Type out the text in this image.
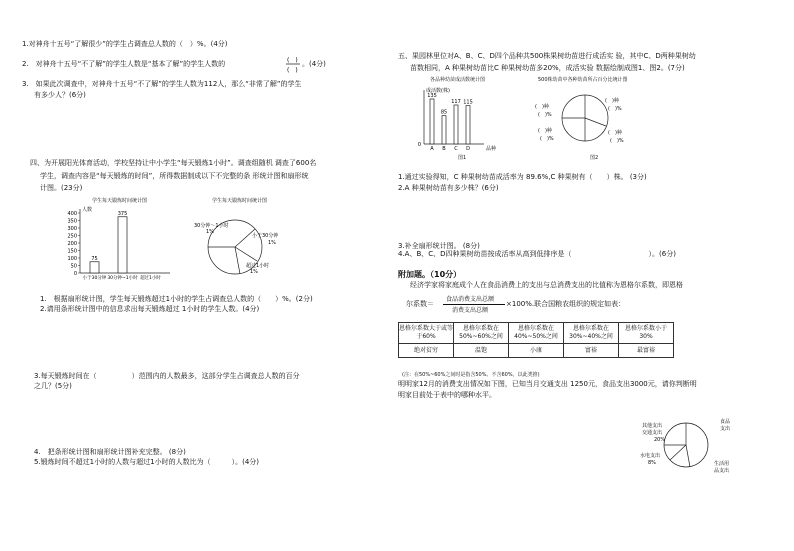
1.对神舟十五号“了解很少”的学生占调查总人数的（　）%。(4分)
2.　对神舟十五号“不了解”的学生人数是“基本了解”的学生人数的	(　)
(　)
。(4分)
3.　如果此次调查中，对神舟十五号“不了解”的学生人数为112人，那么“非常了解”的学生
有多少人？(6分)
四、为开展阳光体育活动，学校坚持让中小学生“每天锻炼1小时”。调查组随机 调查了600名
学生，调查内容是“每天锻炼的时间”，所得数据制成以下不完整的条 形统计图和扇形统
计图。(23分)
学生每天锻炼时间统计图
人数
0
50
100
150
200
250
300
350
400
75
小于30分钟
375
30分钟~1小时 超过1小时
学生每天锻炼时间统计图
30分钟～1小时
1%
小于30分钟
1%
超过1小时
1%
1.　根据扇形统计图，学生每天锻炼超过1小时的学生占调查总人数的（　　）%。(2分)
2.请用条形统计图中的信息求出每天锻炼超过 1小时的学生人数。(4分)
3.每天锻炼时间在（　　　　　）范围内的人数最多，这部分学生占调查总人数的百分
之几？(5分)
4.　把条形统计图和扇形统计图补充完整。 (8分)
5.锻炼时间不超过1小时的人数与超过1小时的人数比为（　　　）。(4分)
五、果园林里位对A、B、C、D四个品种共500株果树幼苗进行成活实 验，其中C、D两种果树幼
苗数相同，A 种果树幼苗比C 种果树幼苗多20%，成活实验 数据绘制成图1、图2。(7分)
各品种幼苗成活数统计图
成活数(株)
0
品种
135
A
85
B
117
C
115
D
图1
500株幼苗中各种幼苗所占百分比统计图
(　)种
(　)%
(　)种
(　)%
(　)种
(　)%
(　)种
(　)%
图2
1.通过实验得知，C 种果树幼苗成活率为 89.6%,C 种果树有（　　）株。 (3分)
2.A 种果树幼苗有多少株？(6分)
3.补全扇形统计图。 (8分)
4.A、B、C、D四种果树幼苗按成活率从高到低排序是（　　　　　　　　　　　）。(6分)
附加题。（10分）
经济学家将家庭成个人在食品消费上的支出与总消费支出的比值称为恩格尔系数，即恩格
尔系数＝
食品消费支出总额
消费支出总额
×100%.联合国粮农组织的规定如表：
恩格尔系数大于或等于60%	恩格尔系数在50%~60%之间	恩格尔系数在40%~50%之间	恩格尔系数在30%~40%之间	恩格尔系数小于30%
绝对贫穷	温饱	小康	富裕	最富裕
(注：在50%~60%之间时是指含50%、不含60%，以此类推)
明明家12月的消费支出情况如下图，已知当月交通支出 1250元，食品支出3000元，请你判断明
明家目前处于表中的哪种水平。
其他支出
交通支出
20%
水电支出
8%
食品
支出
生活用
品支出
